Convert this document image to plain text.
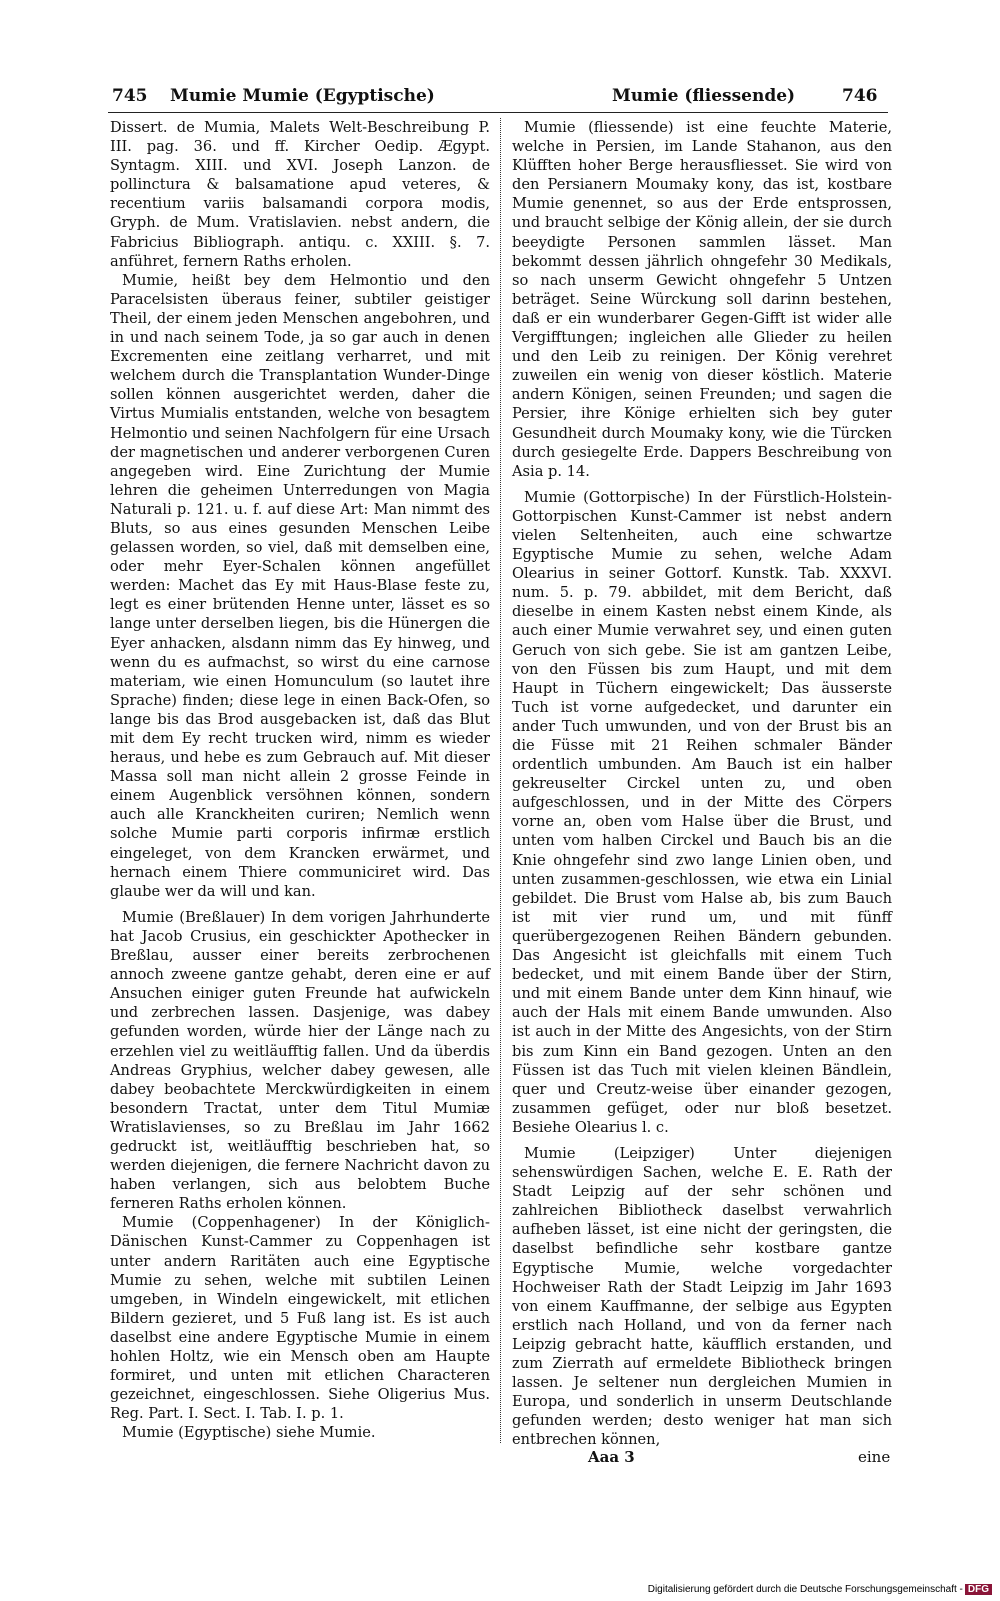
745 Mumie Mumie (Egyptische)	Mumie (fliessende)	746

Dissert. de Mumia, Malets Welt-Beschreibung P. III. pag. 36. und ff. Kircher Oedip. Ægypt. Syntagm. XIII. und XVI. Joseph Lanzon. de pollinctura & balsamatione apud veteres, & recentium variis balsamandi corpora modis, Gryph. de Mum. Vratislavien. nebst andern, die Fabricius Bibliograph. antiqu. c. XXIII. §. 7. anführet, fernern Raths erholen.

Mumie, heißt bey dem Helmontio und den Paracelsisten überaus feiner, subtiler geistiger Theil, der einem jeden Menschen angebohren, und in und nach seinem Tode, ja so gar auch in denen Excrementen eine zeitlang verharret, und mit welchem durch die Transplantation Wunder-Dinge sollen können ausgerichtet werden, daher die Virtus Mumialis entstanden, welche von besagtem Helmontio und seinen Nachfolgern für eine Ursach der magnetischen und anderer verborgenen Curen angegeben wird. Eine Zurichtung der Mumie lehren die geheimen Unterredungen von Magia Naturali p. 121. u. f. auf diese Art: Man nimmt des Bluts, so aus eines gesunden Menschen Leibe gelassen worden, so viel, daß mit demselben eine, oder mehr Eyer-Schalen können angefüllet werden: Machet das Ey mit Haus-Blase feste zu, legt es einer brütenden Henne unter, lässet es so lange unter derselben liegen, bis die Hünergen die Eyer anhacken, alsdann nimm das Ey hinweg, und wenn du es aufmachst, so wirst du eine carnose materiam, wie einen Homunculum (so lautet ihre Sprache) finden; diese lege in einen Back-Ofen, so lange bis das Brod ausgebacken ist, daß das Blut mit dem Ey recht trucken wird, nimm es wieder heraus, und hebe es zum Gebrauch auf. Mit dieser Massa soll man nicht allein 2 grosse Feinde in einem Augenblick versöhnen können, sondern auch alle Kranckheiten curiren; Nemlich wenn solche Mumie parti corporis infirmæ erstlich eingeleget, von dem Krancken erwärmet, und hernach einem Thiere communiciret wird. Das glaube wer da will und kan.

Mumie (Breßlauer) In dem vorigen Jahrhunderte hat Jacob Crusius, ein geschickter Apothecker in Breßlau, ausser einer bereits zerbrochenen annoch zweene gantze gehabt, deren eine er auf Ansuchen einiger guten Freunde hat aufwickeln und zerbrechen lassen. Dasjenige, was dabey gefunden worden, würde hier der Länge nach zu erzehlen viel zu weitläufftig fallen. Und da überdis Andreas Gryphius, welcher dabey gewesen, alle dabey beobachtete Merckwürdigkeiten in einem besondern Tractat, unter dem Titul Mumiæ Wratislavienses, so zu Breßlau im Jahr 1662 gedruckt ist, weitläufftig beschrieben hat, so werden diejenigen, die fernere Nachricht davon zu haben verlangen, sich aus belobtem Buche ferneren Raths erholen können.

Mumie (Coppenhagener) In der Königlich-Dänischen Kunst-Cammer zu Coppenhagen ist unter andern Raritäten auch eine Egyptische Mumie zu sehen, welche mit subtilen Leinen umgeben, in Windeln eingewickelt, mit etlichen Bildern gezieret, und 5 Fuß lang ist. Es ist auch daselbst eine andere Egyptische Mumie in einem hohlen Holtz, wie ein Mensch oben am Haupte formiret, und unten mit etlichen Characteren gezeichnet, eingeschlossen. Siehe Oligerius Mus. Reg. Part. I. Sect. I. Tab. I. p. 1.

Mumie (Egyptische) siehe Mumie.

Mumie (fliessende) ist eine feuchte Materie, welche in Persien, im Lande Stahanon, aus den Klüfften hoher Berge herausfliesset. Sie wird von den Persianern Moumaky kony, das ist, kostbare Mumie genennet, so aus der Erde entsprossen, und braucht selbige der König allein, der sie durch beeydigte Personen sammlen lässet. Man bekommt dessen jährlich ohngefehr 30 Medikals, so nach unserm Gewicht ohngefehr 5 Untzen beträget. Seine Würckung soll darinn bestehen, daß er ein wunderbarer Gegen-Gifft ist wider alle Vergifftungen; ingleichen alle Glieder zu heilen und den Leib zu reinigen. Der König verehret zuweilen ein wenig von dieser köstlich. Materie andern Königen, seinen Freunden; und sagen die Persier, ihre Könige erhielten sich bey guter Gesundheit durch Moumaky kony, wie die Türcken durch gesiegelte Erde. Dappers Beschreibung von Asia p. 14.

Mumie (Gottorpische) In der Fürstlich-Holstein-Gottorpischen Kunst-Cammer ist nebst andern vielen Seltenheiten, auch eine schwartze Egyptische Mumie zu sehen, welche Adam Olearius in seiner Gottorf. Kunstk. Tab. XXXVI. num. 5. p. 79. abbildet, mit dem Bericht, daß dieselbe in einem Kasten nebst einem Kinde, als auch einer Mumie verwahret sey, und einen guten Geruch von sich gebe. Sie ist am gantzen Leibe, von den Füssen bis zum Haupt, und mit dem Haupt in Tüchern eingewickelt; Das äusserste Tuch ist vorne aufgedecket, und darunter ein ander Tuch umwunden, und von der Brust bis an die Füsse mit 21 Reihen schmaler Bänder ordentlich umbunden. Am Bauch ist ein halber gekreuselter Circkel unten zu, und oben aufgeschlossen, und in der Mitte des Cörpers vorne an, oben vom Halse über die Brust, und unten vom halben Circkel und Bauch bis an die Knie ohngefehr sind zwo lange Linien oben, und unten zusammen-geschlossen, wie etwa ein Linial gebildet. Die Brust vom Halse ab, bis zum Bauch ist mit vier rund um, und mit fünff querübergezogenen Reihen Bändern gebunden. Das Angesicht ist gleichfalls mit einem Tuch bedecket, und mit einem Bande über der Stirn, und mit einem Bande unter dem Kinn hinauf, wie auch der Hals mit einem Bande umwunden. Also ist auch in der Mitte des Angesichts, von der Stirn bis zum Kinn ein Band gezogen. Unten an den Füssen ist das Tuch mit vielen kleinen Bändlein, quer und Creutz-weise über einander gezogen, zusammen gefüget, oder nur bloß besetzet. Besiehe Olearius l. c.

Mumie (Leipziger) Unter diejenigen sehenswürdigen Sachen, welche E. E. Rath der Stadt Leipzig auf der sehr schönen und zahlreichen Bibliotheck daselbst verwahrlich aufheben lässet, ist eine nicht der geringsten, die daselbst befindliche sehr kostbare gantze Egyptische Mumie, welche vorgedachter Hochweiser Rath der Stadt Leipzig im Jahr 1693 von einem Kauffmanne, der selbige aus Egypten erstlich nach Holland, und von da ferner nach Leipzig gebracht hatte, käufflich erstanden, und zum Zierrath auf ermeldete Bibliotheck bringen lassen. Je seltener nun dergleichen Mumien in Europa, und sonderlich in unserm Deutschlande gefunden werden; desto weniger hat man sich entbrechen können,

Aaa 3	eine
Digitalisierung gefördert durch die Deutsche Forschungsgemeinschaft - DFG
